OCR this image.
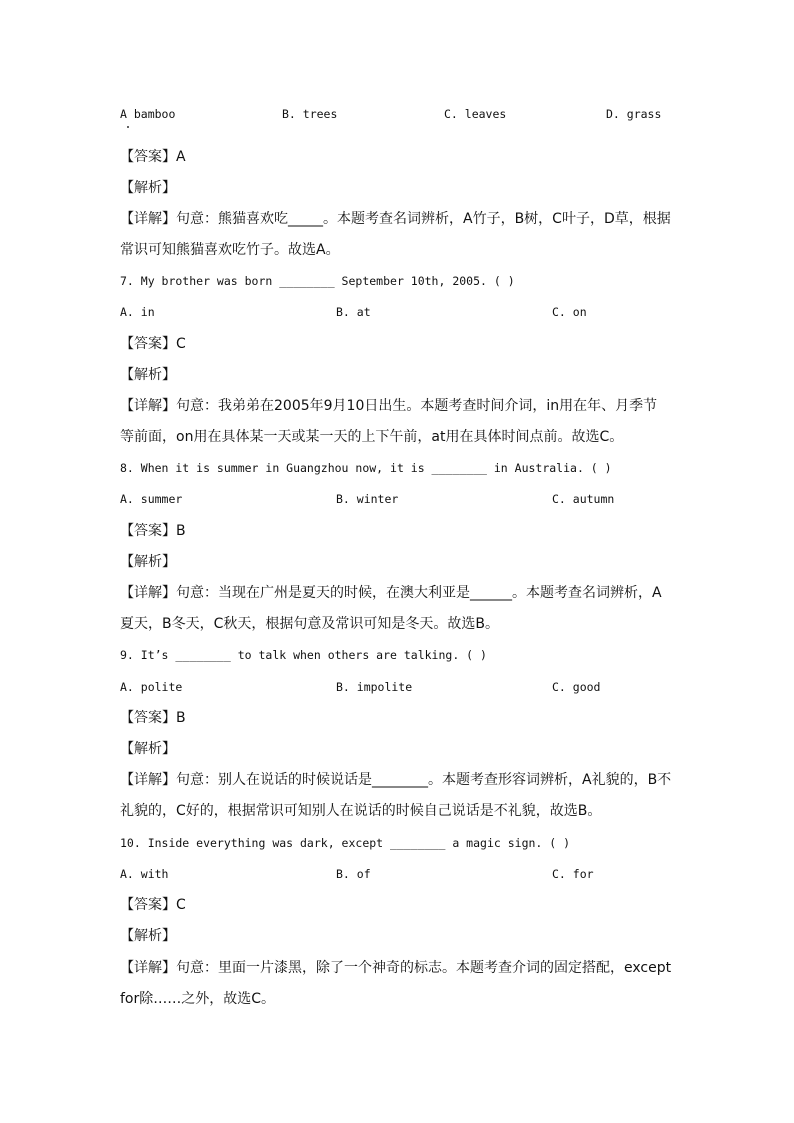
A bamboo	B. trees	C. leaves	D. grass
【答案】A
【解析】
【详解】句意：熊猫喜欢吃_____。本题考查名词辨析，A竹子，B树，C叶子，D草，根据
常识可知熊猫喜欢吃竹子。故选A。
7. My brother was born ________ September 10th, 2005. ( )
A. in	B. at	C. on
【答案】C
【解析】
【详解】句意：我弟弟在2005年9月10日出生。本题考查时间介词，in用在年、月季节
等前面，on用在具体某一天或某一天的上下午前，at用在具体时间点前。故选C。
8. When it is summer in Guangzhou now, it is ________ in Australia. ( )
A. summer	B. winter	C. autumn
【答案】B
【解析】
【详解】句意：当现在广州是夏天的时候，在澳大利亚是______。本题考查名词辨析，A
夏天，B冬天，C秋天，根据句意及常识可知是冬天。故选B。
9. It’s ________ to talk when others are talking. ( )
A. polite	B. impolite	C. good
【答案】B
【解析】
【详解】句意：别人在说话的时候说话是________。本题考查形容词辨析，A礼貌的，B不
礼貌的，C好的，根据常识可知别人在说话的时候自己说话是不礼貌，故选B。
10. Inside everything was dark, except ________ a magic sign. ( )
A. with	B. of	C. for
【答案】C
【解析】
【详解】句意：里面一片漆黑，除了一个神奇的标志。本题考查介词的固定搭配，except
for除……之外，故选C。
